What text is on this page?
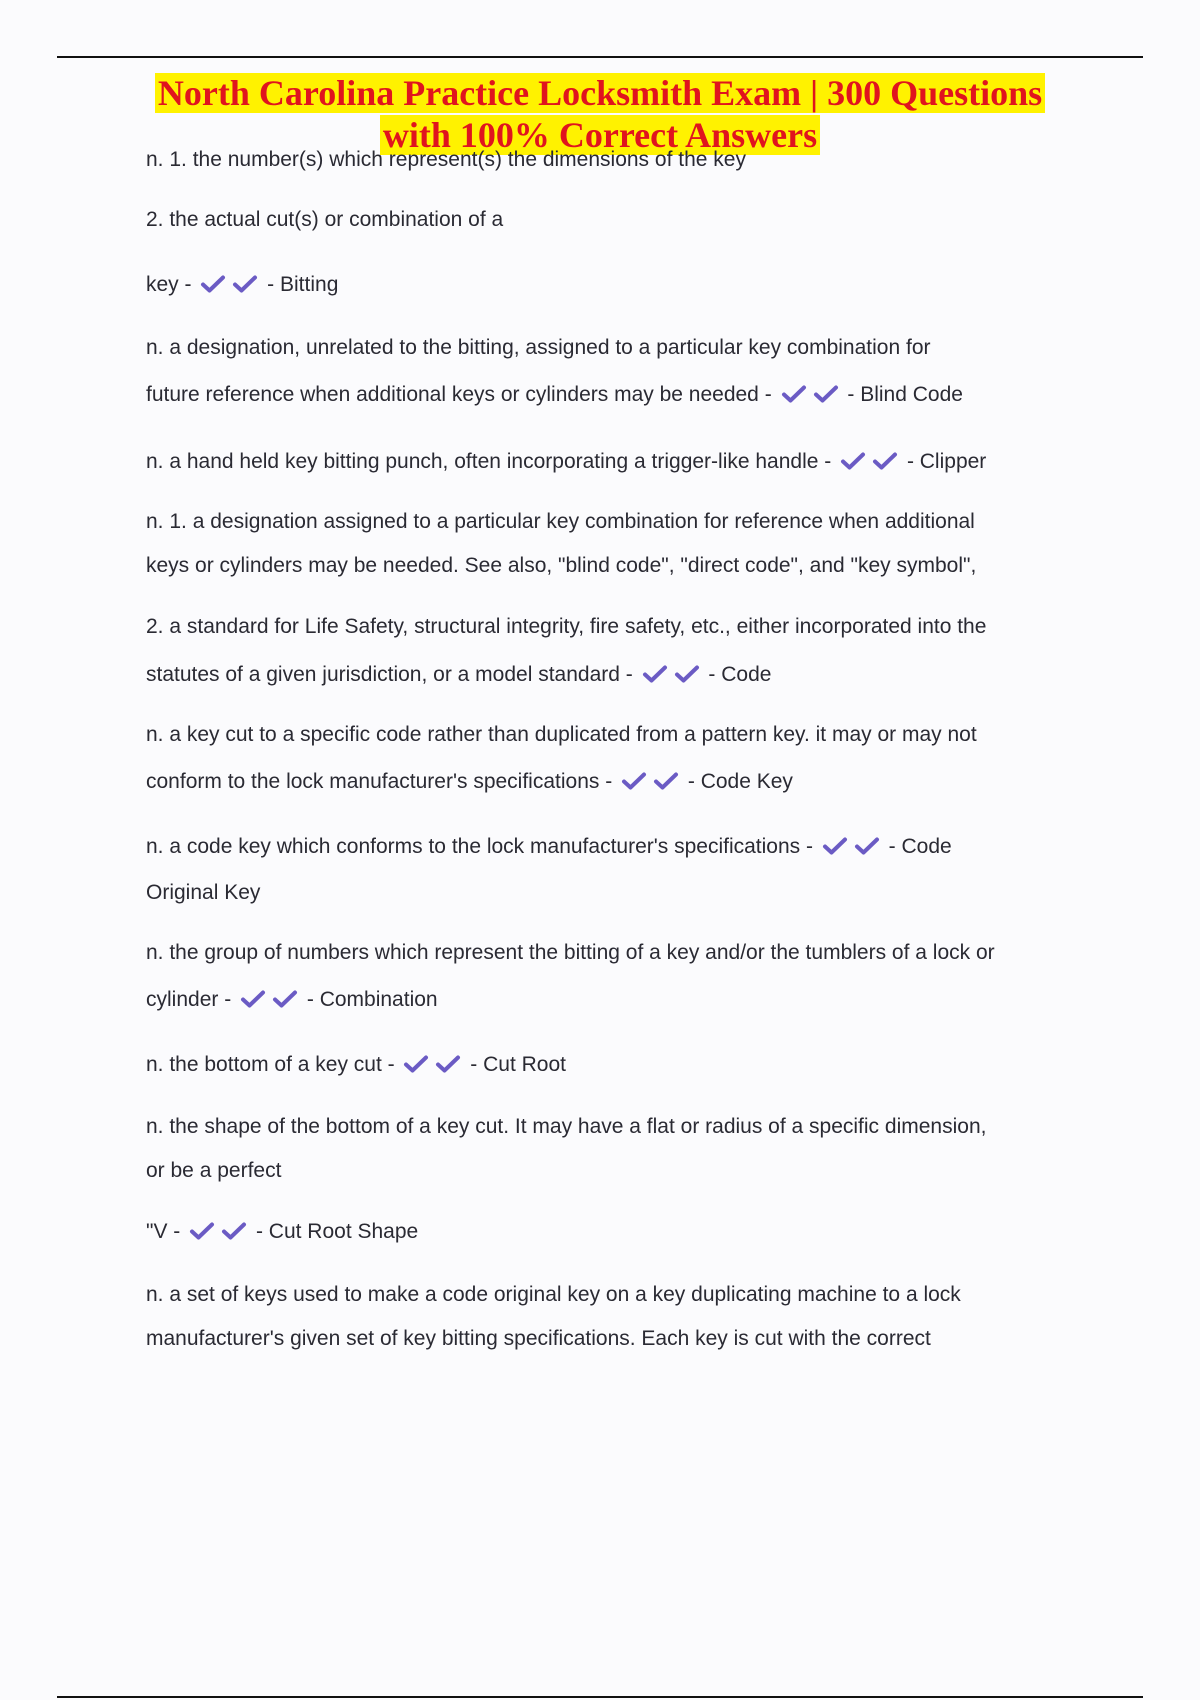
North Carolina Practice Locksmith Exam | 300 Questions
with 100% Correct Answers
n. 1. the number(s) which represent(s) the dimensions of the key
2. the actual cut(s) or combination of a
key -	- Bitting
n. a designation, unrelated to the bitting, assigned to a particular key combination for
future reference when additional keys or cylinders may be needed -	- Blind Code
n. a hand held key bitting punch, often incorporating a trigger-like handle -	- Clipper
n. 1. a designation assigned to a particular key combination for reference when additional
keys or cylinders may be needed. See also, "blind code", "direct code", and "key symbol",
2. a standard for Life Safety, structural integrity, fire safety, etc., either incorporated into the
statutes of a given jurisdiction, or a model standard -	- Code
n. a key cut to a specific code rather than duplicated from a pattern key. it may or may not
conform to the lock manufacturer's specifications -	- Code Key
n. a code key which conforms to the lock manufacturer's specifications -	- Code
Original Key
n. the group of numbers which represent the bitting of a key and/or the tumblers of a lock or
cylinder -	- Combination
n. the bottom of a key cut -	- Cut Root
n. the shape of the bottom of a key cut. It may have a flat or radius of a specific dimension,
or be a perfect
"V -	- Cut Root Shape
n. a set of keys used to make a code original key on a key duplicating machine to a lock
manufacturer's given set of key bitting specifications. Each key is cut with the correct
